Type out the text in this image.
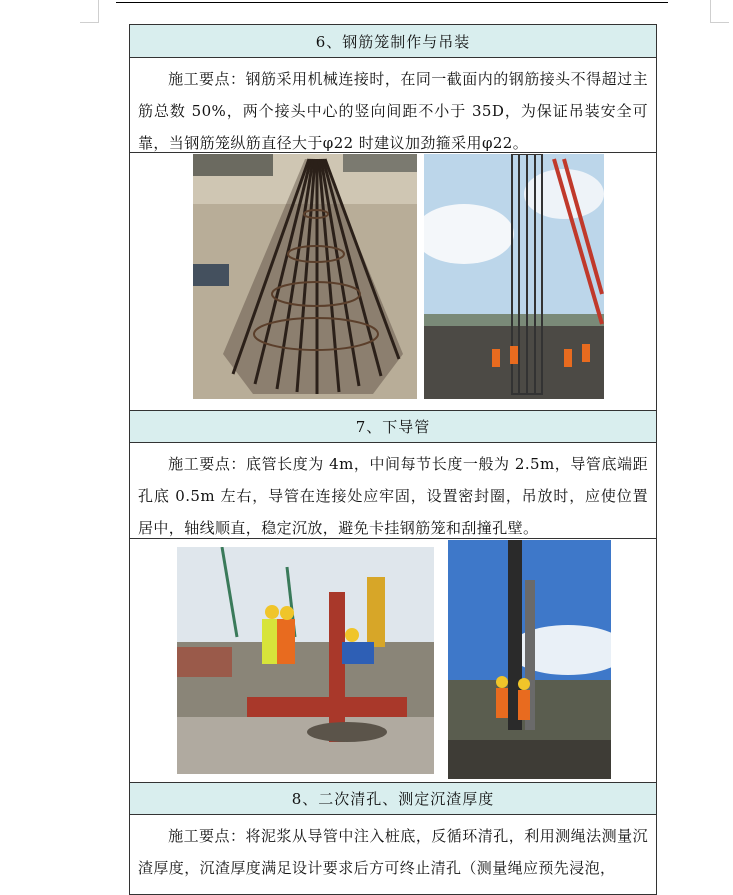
6、钢筋笼制作与吊装
施工要点：钢筋采用机械连接时，在同一截面内的钢筋接头不得超过主筋总数 50%，两个接头中心的竖向间距不小于 35D，为保证吊装安全可靠，当钢筋笼纵筋直径大于φ22 时建议加劲箍采用φ22。
7、下导管
施工要点：底管长度为 4m，中间每节长度一般为 2.5m，导管底端距孔底 0.5m 左右，导管在连接处应牢固，设置密封圈，吊放时，应使位置居中，轴线顺直，稳定沉放，避免卡挂钢筋笼和刮撞孔壁。
8、二次清孔、测定沉渣厚度
施工要点：将泥浆从导管中注入桩底，反循环清孔，利用测绳法测量沉渣厚度，沉渣厚度满足设计要求后方可终止清孔（测量绳应预先浸泡，
